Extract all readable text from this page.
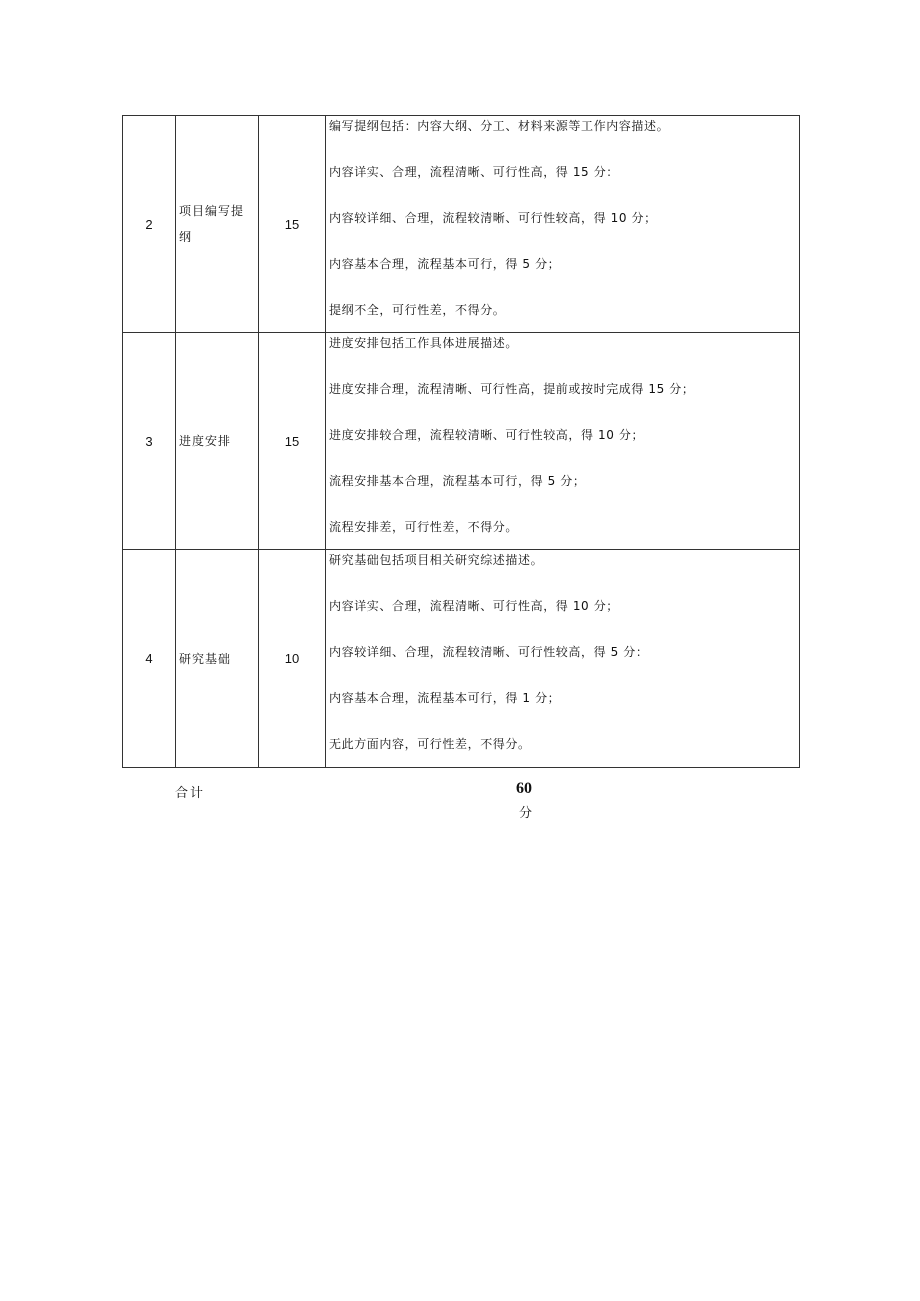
2	项目编写提纲	15	编写提纲包括：内容大纲、分工、材料来源等工作内容描述。
内容详实、合理，流程清晰、可行性高，得 15 分：
内容较详细、合理，流程较清晰、可行性较高，得 10 分；
内容基本合理，流程基本可行，得 5 分；
提纲不全，可行性差，不得分。

3	进度安排	15	进度安排包括工作具体进展描述。
进度安排合理，流程清晰、可行性高，提前或按时完成得 15 分；
进度安排较合理，流程较清晰、可行性较高，得 10 分；
流程安排基本合理，流程基本可行，得 5 分；
流程安排差，可行性差，不得分。

4	研究基础	10	研究基础包括项目相关研究综述描述。
内容详实、合理，流程清晰、可行性高，得 10 分；
内容较详细、合理，流程较清晰、可行性较高，得 5 分：
内容基本合理，流程基本可行，得 1 分；
无此方面内容，可行性差，不得分。
合计	60
分
